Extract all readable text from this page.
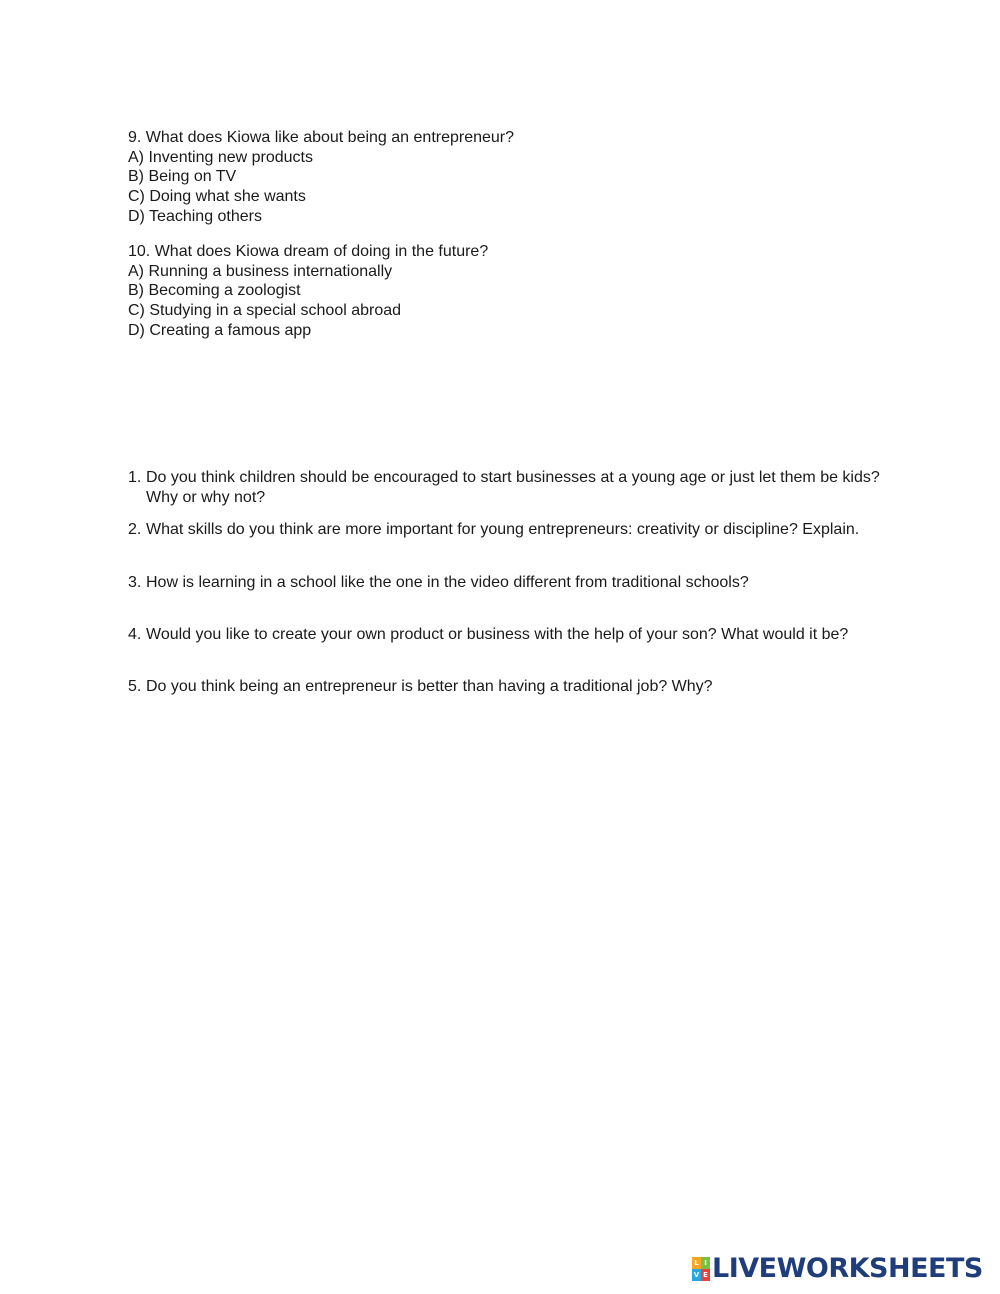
9. What does Kiowa like about being an entrepreneur?
A) Inventing new products
B) Being on TV
C) Doing what she wants
D) Teaching others
10. What does Kiowa dream of doing in the future?
A) Running a business internationally
B) Becoming a zoologist
C) Studying in a special school abroad
D) Creating a famous app
1. Do you think children should be encouraged to start businesses at a young age or just let them be kids? Why or why not?
2. What skills do you think are more important for young entrepreneurs: creativity or discipline? Explain.
3. How is learning in a school like the one in the video different from traditional schools?
4. Would you like to create your own product or business with the help of your son? What would it be?
5. Do you think being an entrepreneur is better than having a traditional job? Why?
L I
V E LIVEWORKSHEETS
